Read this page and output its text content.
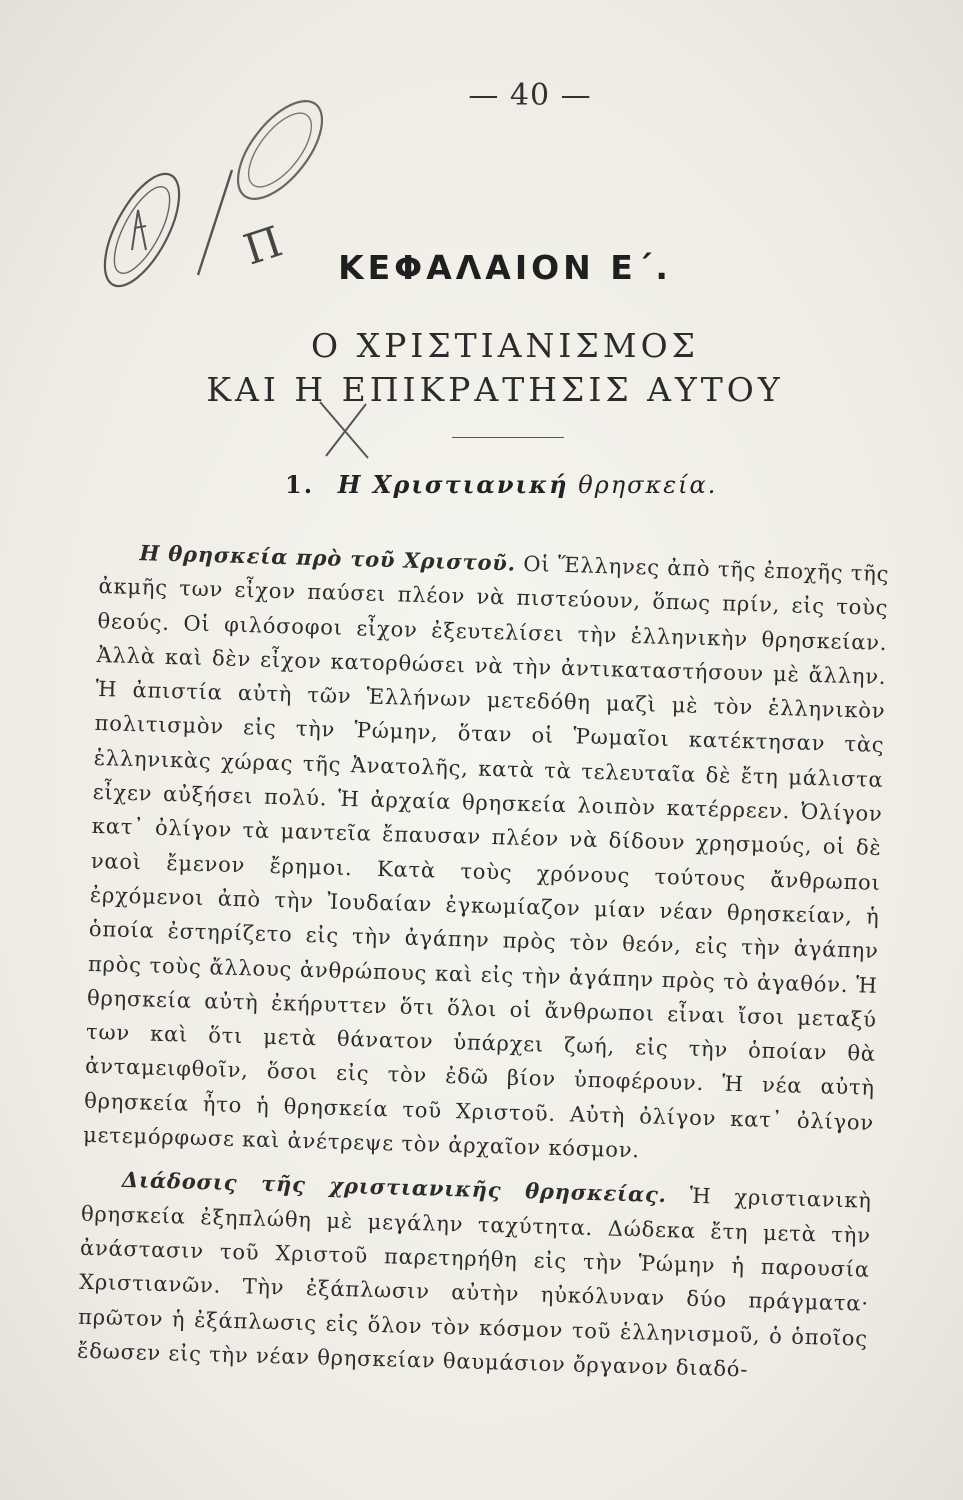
— 40 —
Π	ΚΕΦΑΛΑΙΟΝ Ε΄.
Ο ΧΡΙΣΤΙΑΝΙΣΜΟΣ
ΚΑΙ Η ΕΠΙΚΡΑΤΗΣΙΣ ΑΥΤΟΥ
1. Η Χριστιανική θρησκεία.

Η θρησκεία πρὸ τοῦ Χριστοῦ. Οἱ Ἕλληνες ἀπὸ τῆς ἐποχῆς τῆς ἀκμῆς των εἶχον παύσει πλέον νὰ πιστεύουν, ὅπως πρίν, εἰς τοὺς θεούς. Οἱ φιλόσοφοι εἶχον ἐξευτελίσει τὴν ἑλληνικὴν θρησκείαν. Ἀλλὰ καὶ δὲν εἶχον κατορθώσει νὰ τὴν ἀντικαταστήσουν μὲ ἄλλην. Ἡ ἀπιστία αὐτὴ τῶν Ἑλλήνων μετεδόθη μαζὶ μὲ τὸν ἑλληνικὸν πολιτισμὸν εἰς τὴν Ῥώμην, ὅταν οἱ Ῥωμαῖοι κατέκτησαν τὰς ἑλληνικὰς χώρας τῆς Ἀνατολῆς, κατὰ τὰ τελευταῖα δὲ ἔτη μάλιστα εἶχεν αὐξήσει πολύ. Ἡ ἀρχαία θρησκεία λοιπὸν κατέρρεεν. Ὀλίγον κατ᾽ ὀλίγον τὰ μαντεῖα ἔπαυσαν πλέον νὰ δίδουν χρησμούς, οἱ δὲ ναοὶ ἔμενον ἔρημοι. Κατὰ τοὺς χρόνους τούτους ἄνθρωποι ἐρχόμενοι ἀπὸ τὴν Ἰουδαίαν ἐγκωμίαζον μίαν νέαν θρησκείαν, ἡ ὁποία ἐστηρίζετο εἰς τὴν ἀγάπην πρὸς τὸν θεόν, εἰς τὴν ἀγάπην πρὸς τοὺς ἄλλους ἀνθρώπους καὶ εἰς τὴν ἀγάπην πρὸς τὸ ἀγαθόν. Ἡ θρησκεία αὐτὴ ἐκήρυττεν ὅτι ὅλοι οἱ ἄνθρωποι εἶναι ἴσοι μεταξύ των καὶ ὅτι μετὰ θάνατον ὑπάρχει ζωή, εἰς τὴν ὁποίαν θὰ ἀνταμειφθοῖν, ὅσοι εἰς τὸν ἐδῶ βίον ὑποφέρουν. Ἡ νέα αὐτὴ θρησκεία ἦτο ἡ θρησκεία τοῦ Χριστοῦ. Αὐτὴ ὀλίγον κατ᾽ ὀλίγον μετεμόρφωσε καὶ ἀνέτρεψε τὸν ἀρχαῖον κόσμον.

Διάδοσις τῆς χριστιανικῆς θρησκείας. Ἡ χριστιανικὴ θρησκεία ἐξηπλώθη μὲ μεγάλην ταχύτητα. Δώδεκα ἔτη μετὰ τὴν ἀνάστασιν τοῦ Χριστοῦ παρετηρήθη εἰς τὴν Ῥώμην ἡ παρουσία Χριστιανῶν. Τὴν ἐξάπλωσιν αὐτὴν ηὐκόλυναν δύο πράγματα· πρῶτον ἡ ἐξάπλωσις εἰς ὅλον τὸν κόσμον τοῦ ἑλληνισμοῦ, ὁ ὁποῖος ἔδωσεν εἰς τὴν νέαν θρησκείαν θαυμάσιον ὄργανον διαδό-
